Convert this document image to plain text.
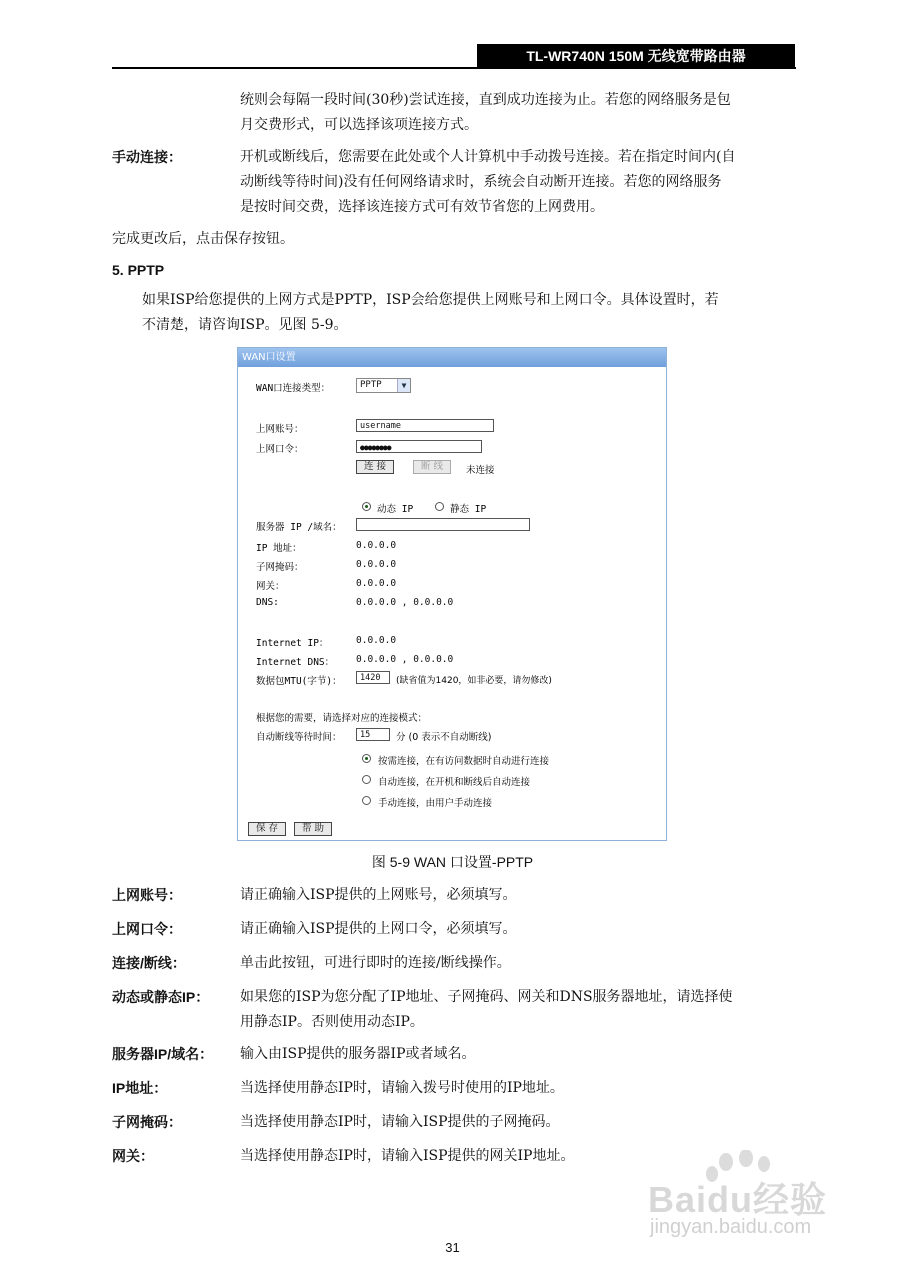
TL-WR740N 150M 无线宽带路由器
统则会每隔一段时间(30秒)尝试连接，直到成功连接为止。若您的网络服务是包
月交费形式，可以选择该项连接方式。
手动连接：	开机或断线后，您需要在此处或个人计算机中手动拨号连接。若在指定时间内(自
动断线等待时间)没有任何网络请求时，系统会自动断开连接。若您的网络服务
是按时间交费，选择该连接方式可有效节省您的上网费用。
完成更改后，点击保存按钮。
5. PPTP
如果ISP给您提供的上网方式是PPTP，ISP会给您提供上网账号和上网口令。具体设置时，若
不清楚，请咨询ISP。见图 5-9。
WAN口设置
WAN口连接类型：	PPTP	▼
上网账号：	username
上网口令：	●●●●●●●●
连 接	断 线	未连接
动态 IP	静态 IP
服务器 IP /域名：
IP 地址：	0.0.0.0
子网掩码：	0.0.0.0
网关：	0.0.0.0
DNS:	0.0.0.0 , 0.0.0.0
Internet IP：	0.0.0.0
Internet DNS： 0.0.0.0 , 0.0.0.0
数据包MTU(字节)：	1420	(缺省值为1420，如非必要，请勿修改)
根据您的需要，请选择对应的连接模式：
自动断线等待时间：	15	分 (0 表示不自动断线)
按需连接，在有访问数据时自动进行连接
自动连接，在开机和断线后自动连接
手动连接，由用户手动连接
保 存	帮 助
图 5-9 WAN 口设置-PPTP
上网账号：	请正确输入ISP提供的上网账号，必须填写。
上网口令：	请正确输入ISP提供的上网口令，必须填写。
连接/断线：	单击此按钮，可进行即时的连接/断线操作。
动态或静态IP： 如果您的ISP为您分配了IP地址、子网掩码、网关和DNS服务器地址，请选择使
用静态IP。否则使用动态IP。
服务器IP/域名： 输入由ISP提供的服务器IP或者域名。
IP地址：	当选择使用静态IP时，请输入拨号时使用的IP地址。
子网掩码：	当选择使用静态IP时，请输入ISP提供的子网掩码。
网关：	当选择使用静态IP时，请输入ISP提供的网关IP地址。
Baidu经验
jingyan.baidu.com
31
